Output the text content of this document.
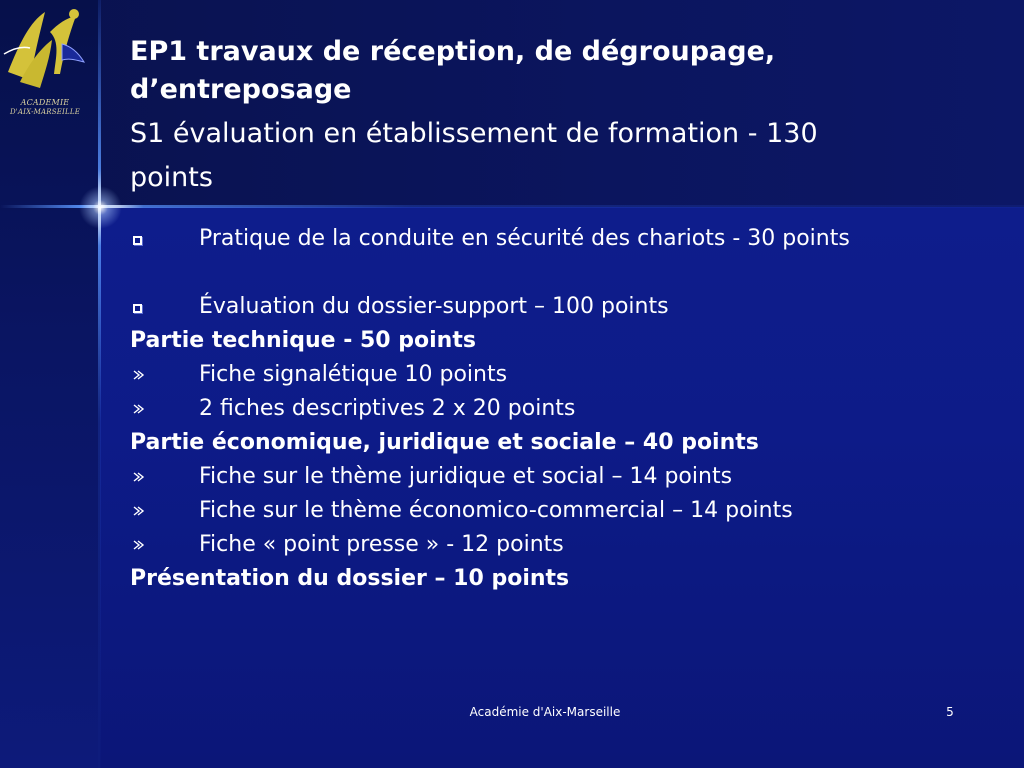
ACADEMIE
D'AIX-MARSEILLE
EP1 travaux de réception, de dégroupage,
d’entreposage
S1 évaluation en établissement de formation - 130
points
Pratique de la conduite en sécurité des chariots - 30 points
Évaluation du dossier-support – 100 points
Partie technique - 50 points
Fiche signalétique 10 points
2 fiches descriptives 2 x 20 points
Partie économique, juridique et sociale – 40 points
Fiche sur le thème juridique et social – 14 points
Fiche sur le thème économico-commercial – 14 points
Fiche « point presse » - 12 points
Présentation du dossier – 10 points
Académie d'Aix-Marseille	5
